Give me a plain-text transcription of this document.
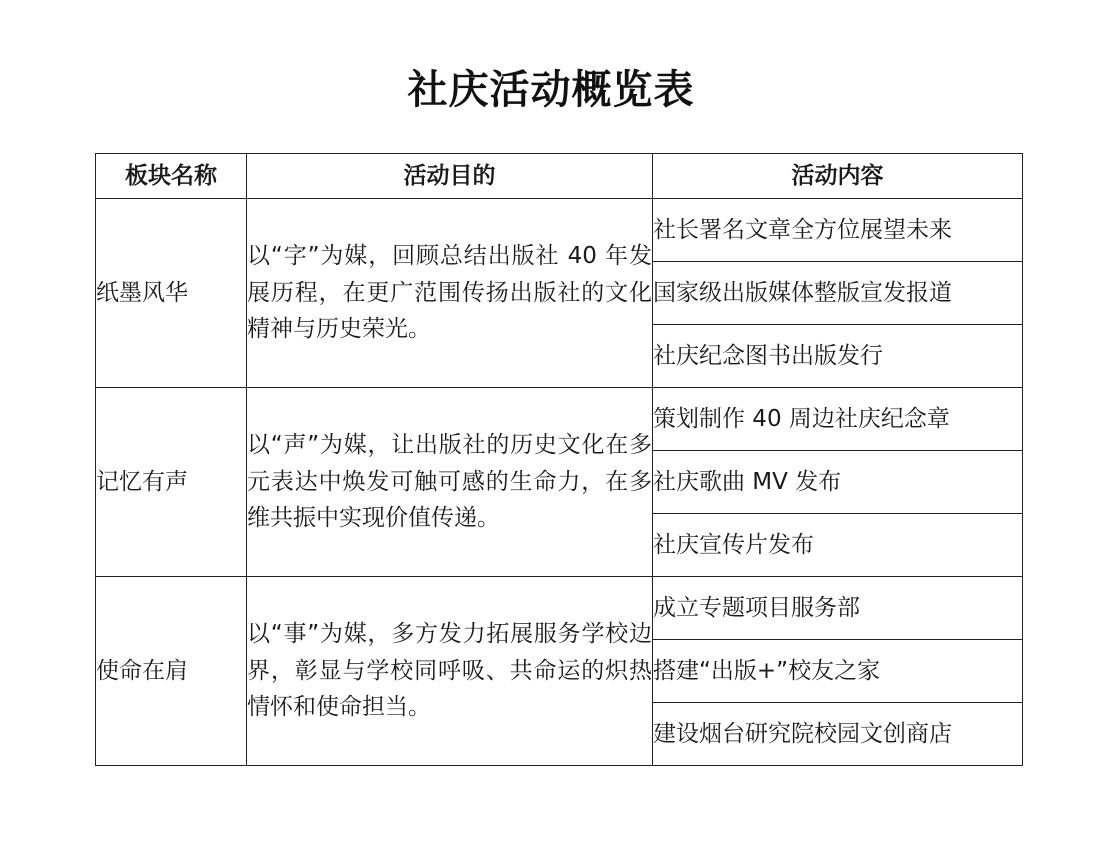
社庆活动概览表
板块名称	活动目的	活动内容
纸墨风华	以“字”为媒，回顾总结出版社 40 年发展历程，在更广范围传扬出版社的文化精神与历史荣光。	社长署名文章全方位展望未来
		国家级出版媒体整版宣发报道
		社庆纪念图书出版发行
记忆有声	以“声”为媒，让出版社的历史文化在多元表达中焕发可触可感的生命力，在多维共振中实现价值传递。	策划制作 40 周边社庆纪念章
		社庆歌曲 MV 发布
		社庆宣传片发布
使命在肩	以“事”为媒，多方发力拓展服务学校边界，彰显与学校同呼吸、共命运的炽热情怀和使命担当。	成立专题项目服务部
		搭建“出版+”校友之家
		建设烟台研究院校园文创商店
